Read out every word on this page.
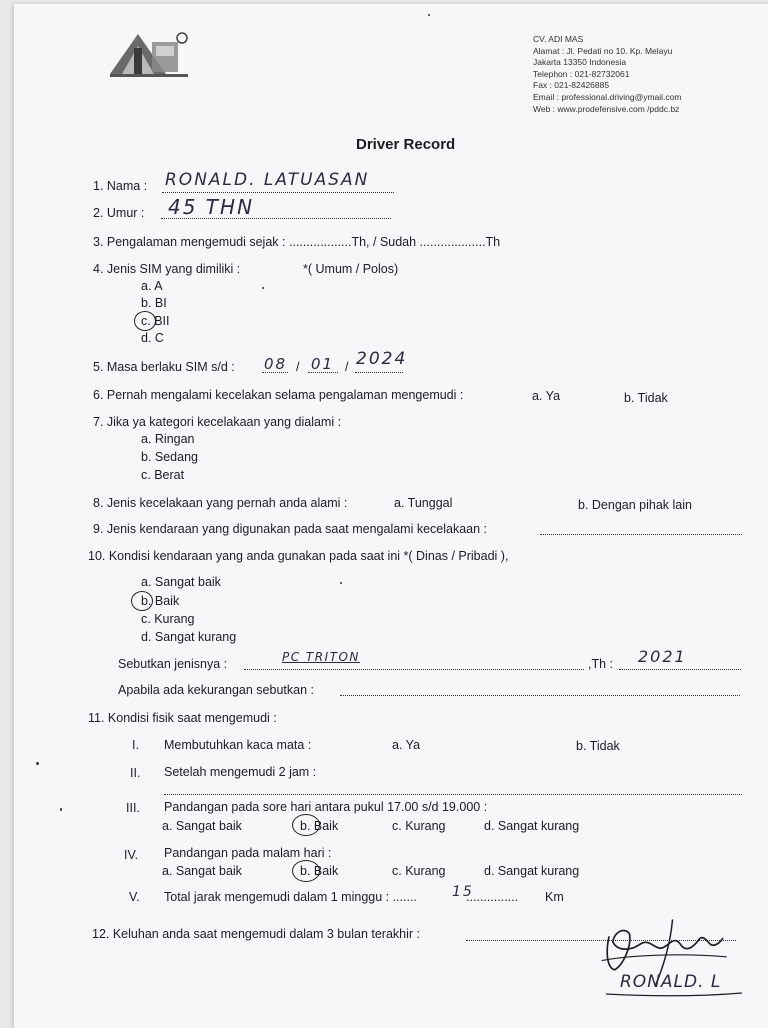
CV. ADI MAS
Alamat : Jl. Pedati no 10. Kp. Melayu
Jakarta 13350 Indonesia
Telephon : 021-82732061
Fax : 021-82426885
Email : professional.driving@ymail.com
Web : www.prodefensive.com /pddc.bz
Driver Record
1. Nama : RONALD. LATUASAN
2. Umur : 45 THN
3. Pengalaman mengemudi sejak : ..................Th, / Sudah ...................Th
4. Jenis SIM yang dimiliki :	*( Umum / Polos)
a. A
b. BI
c. BII
d. C
5. Masa berlaku SIM s/d : 08 / 01 / 2024
6. Pernah mengalami kecelakan selama pengalaman mengemudi :	a. Ya	b. Tidak
7. Jika ya kategori kecelakaan yang dialami :
a. Ringan
b. Sedang
c. Berat
8. Jenis kecelakaan yang pernah anda alami :	a. Tunggal	b. Dengan pihak lain
9. Jenis kendaraan yang digunakan pada saat mengalami kecelakaan :
10. Kondisi kendaraan yang anda gunakan pada saat ini *( Dinas / Pribadi ),
a. Sangat baik
b. Baik
c. Kurang
d. Sangat kurang
Sebutkan jenisnya :	PC TRITON	,Th : 2021
Apabila ada kekurangan sebutkan :
11. Kondisi fisik saat mengemudi :
I. Membutuhkan kaca mata :	a. Ya	b. Tidak
II. Setelah mengemudi 2 jam :
III. Pandangan pada sore hari antara pukul 17.00 s/d 19.000 :
a. Sangat baik	b. Baik	c. Kurang	d. Sangat kurang
IV. Pandangan pada malam hari :
a. Sangat baik	b. Baik	c. Kurang	d. Sangat kurang
V. Total jarak mengemudi dalam 1 minggu : .......	15
............... Km
12. Keluhan anda saat mengemudi dalam 3 bulan terakhir :
RONALD. L
